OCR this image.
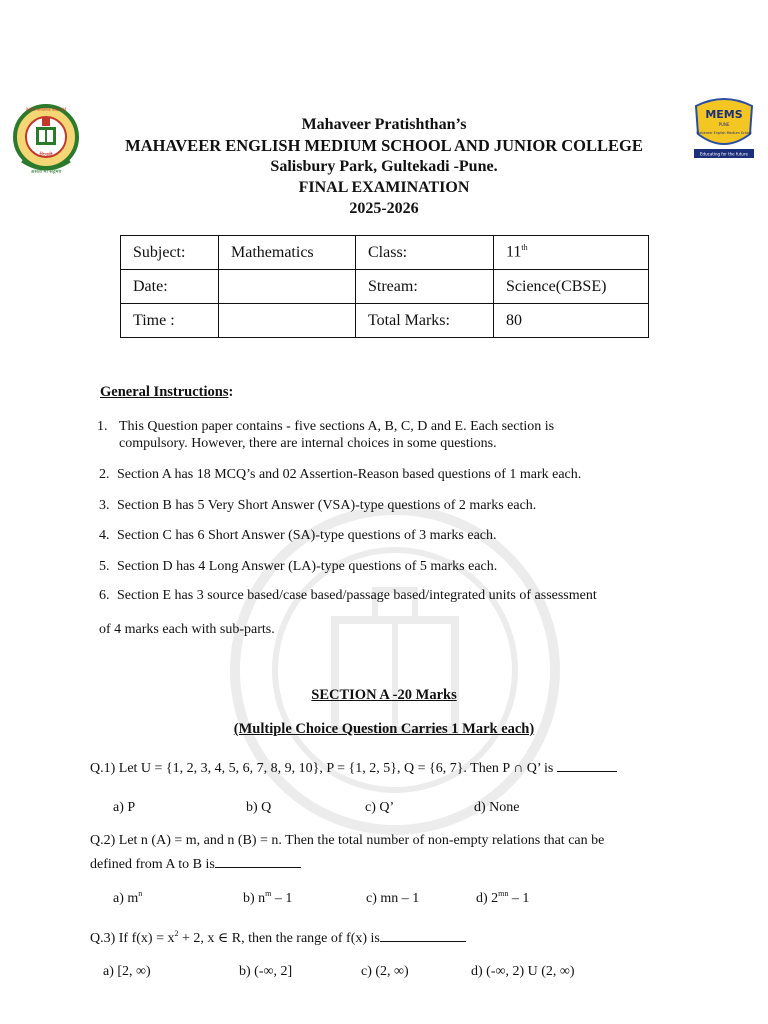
दिल्ली
असतो मा सद्गमय
केन्द्रीय माध्यमिक शिक्षा बोर्ड	MEMS
PUNE
Mahaveer English Medium School
Educating for the future
Mahaveer Pratishthan’s
MAHAVEER ENGLISH MEDIUM SCHOOL AND JUNIOR COLLEGE
Salisbury Park, Gultekadi -Pune.
FINAL EXAMINATION
2025-2026
Subject:	Mathematics	Class:	11th
Date:		Stream:	Science(CBSE)
Time :		Total Marks:	80
General Instructions:
1. This Question paper contains - five sections A, B, C, D and E. Each section is
compulsory. However, there are internal choices in some questions.
2. Section A has 18 MCQ’s and 02 Assertion-Reason based questions of 1 mark each.
3. Section B has 5 Very Short Answer (VSA)-type questions of 2 marks each.
4. Section C has 6 Short Answer (SA)-type questions of 3 marks each.
5. Section D has 4 Long Answer (LA)-type questions of 5 marks each.
6. Section E has 3 source based/case based/passage based/integrated units of assessment
of 4 marks each with sub-parts.
SECTION A -20 Marks
(Multiple Choice Question Carries 1 Mark each)
Q.1) Let U = {1, 2, 3, 4, 5, 6, 7, 8, 9, 10}, P = {1, 2, 5}, Q = {6, 7}. Then P ∩ Q’ is
a) P	b) Q	c) Q’	d) None
Q.2) Let n (A) = m, and n (B) = n. Then the total number of non-empty relations that can be
defined from A to B is
a) $m^n$	b) $n^m - 1$	c) mn – 1	d) $2^{mn} - 1$
Q.3) If $f(x) = x^2 + 2$, x ∈ R, then the range of f(x) is
a) [2, ∞)	b) (-∞, 2]	c) (2, ∞)	d) (-∞, 2) U (2, ∞)
